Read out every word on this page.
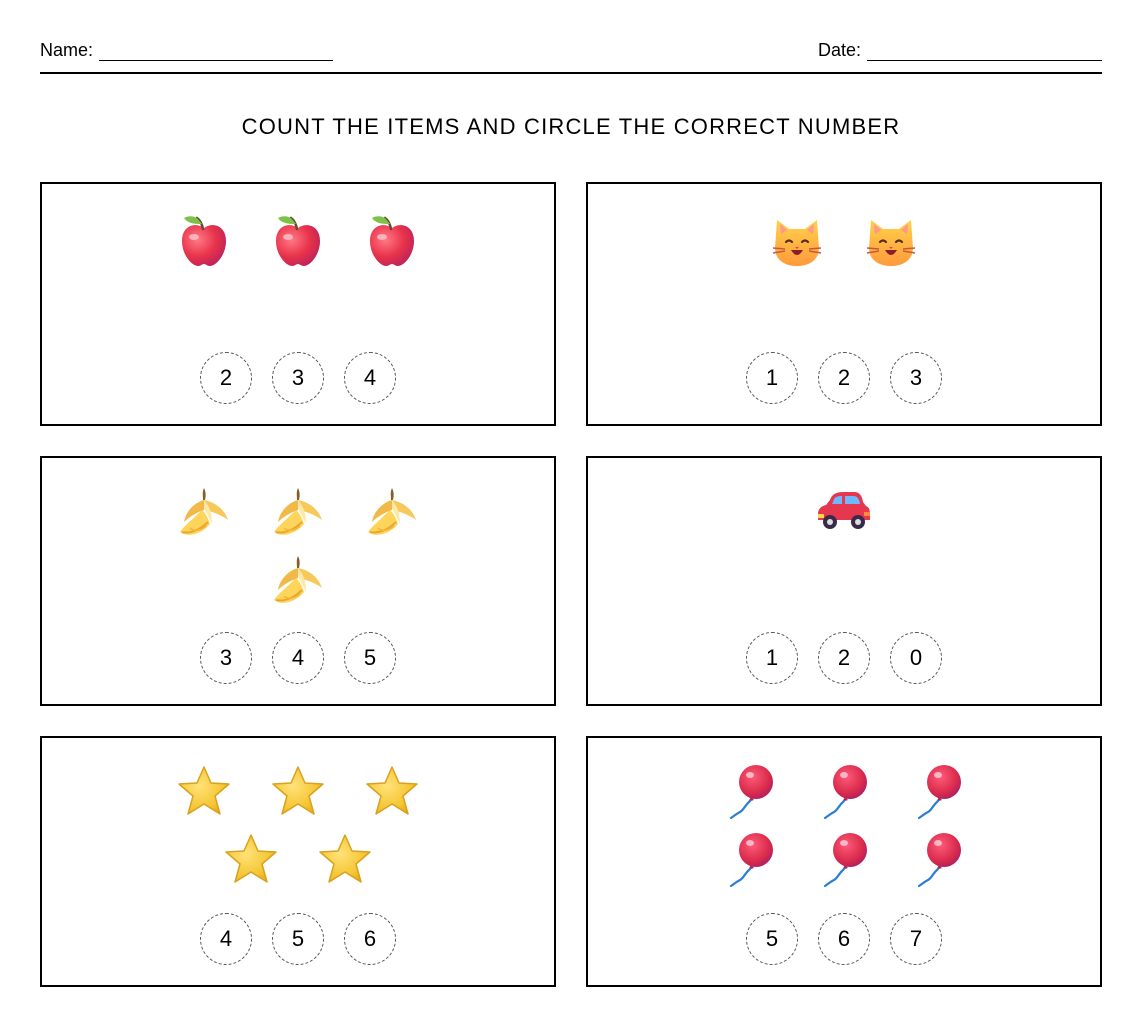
Name:	Date:
COUNT THE ITEMS AND CIRCLE THE CORRECT NUMBER
2	3	4	1	2	3
3	4	5	1	2	0
4	5	6	5	6	7
